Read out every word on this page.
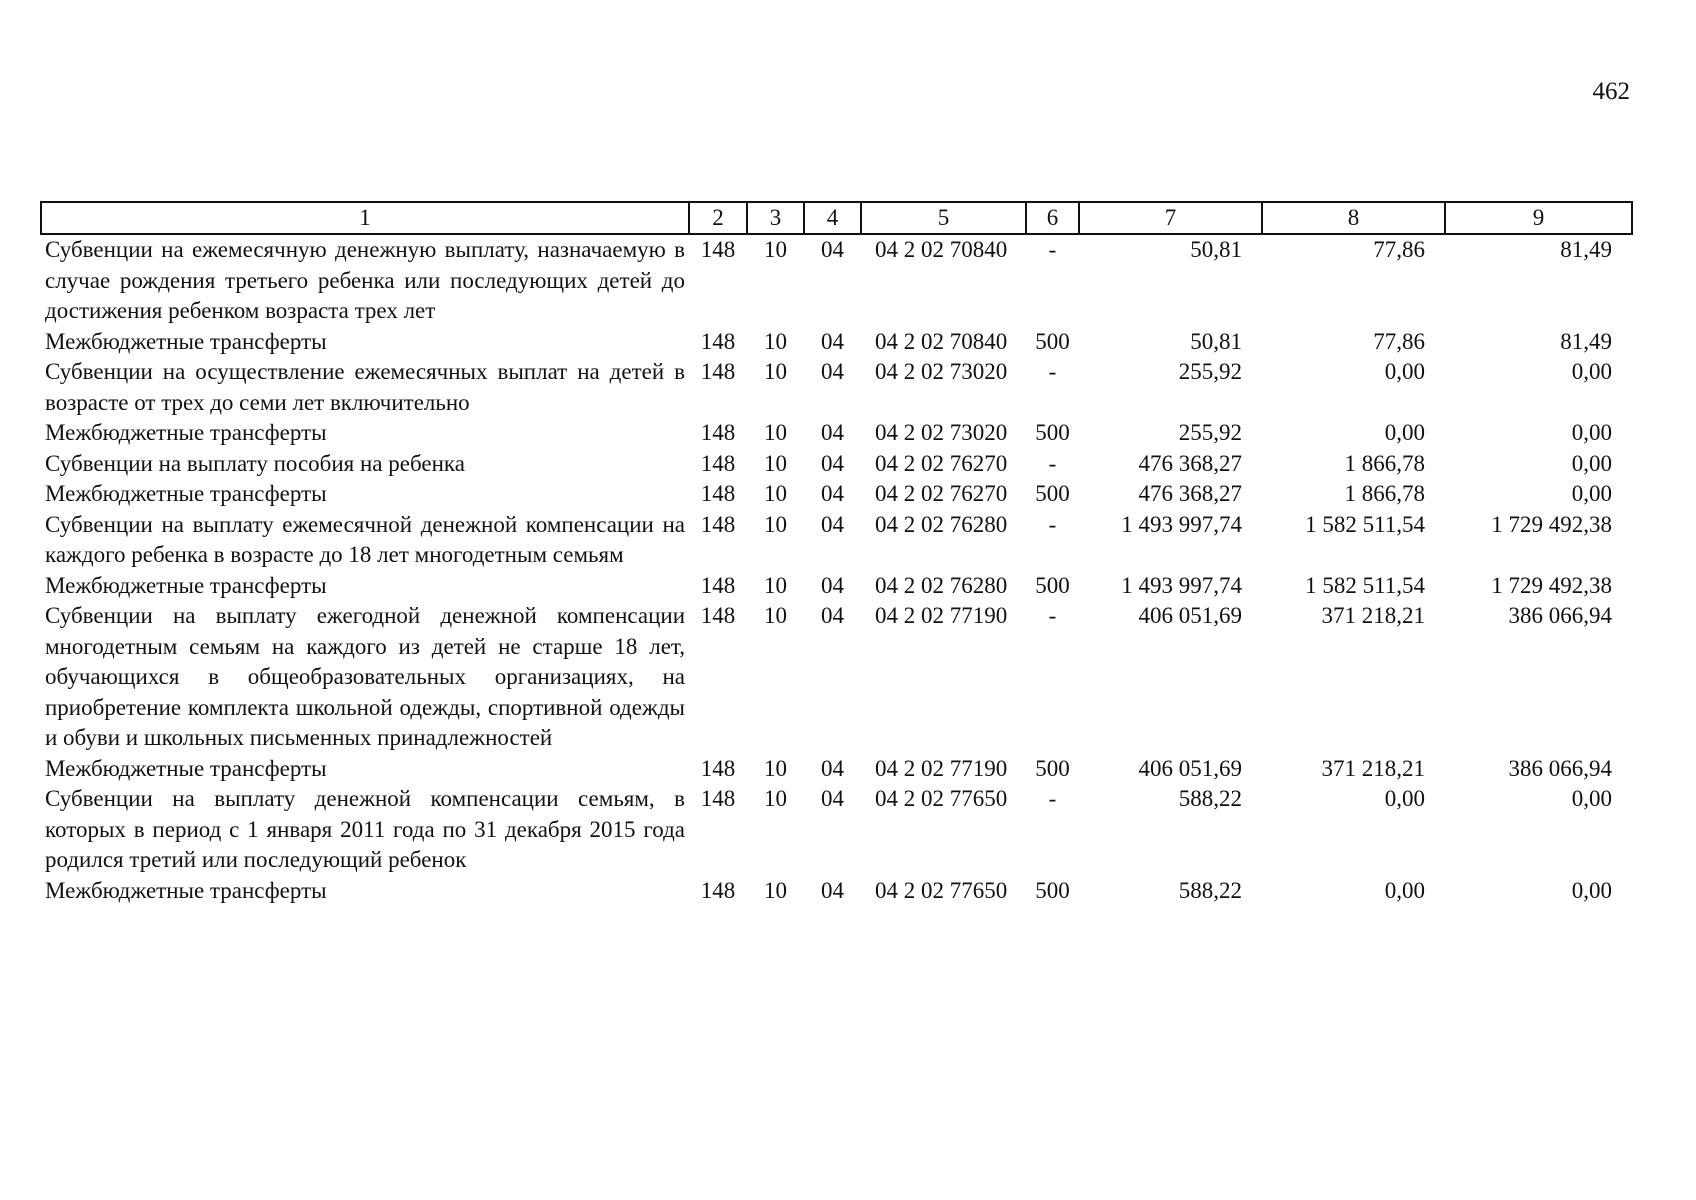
462
1	2	3	4	5	6	7	8	9
Субвенции на ежемесячную денежную выплату, назначаемую в случае рождения третьего ребенка или последующих детей до достижения ребенком возраста трех лет	148	10	04	04 2 02 70840	-	50,81	77,86	81,49
Межбюджетные трансферты	148	10	04	04 2 02 70840	500	50,81	77,86	81,49
Субвенции на осуществление ежемесячных выплат на детей в возрасте от трех до семи лет включительно	148	10	04	04 2 02 73020	-	255,92	0,00	0,00
Межбюджетные трансферты	148	10	04	04 2 02 73020	500	255,92	0,00	0,00
Субвенции на выплату пособия на ребенка	148	10	04	04 2 02 76270	-	476 368,27	1 866,78	0,00
Межбюджетные трансферты	148	10	04	04 2 02 76270	500	476 368,27	1 866,78	0,00
Субвенции на выплату ежемесячной денежной компенсации на каждого ребенка в возрасте до 18 лет многодетным семьям	148	10	04	04 2 02 76280	-	1 493 997,74	1 582 511,54	1 729 492,38
Межбюджетные трансферты	148	10	04	04 2 02 76280	500	1 493 997,74	1 582 511,54	1 729 492,38
Субвенции на выплату ежегодной денежной компенсации многодетным семьям на каждого из детей не старше 18 лет, обучающихся в общеобразовательных организациях, на приобретение комплекта школьной одежды, спортивной одежды и обуви и школьных письменных принадлежностей	148	10	04	04 2 02 77190	-	406 051,69	371 218,21	386 066,94
Межбюджетные трансферты	148	10	04	04 2 02 77190	500	406 051,69	371 218,21	386 066,94
Субвенции на выплату денежной компенсации семьям, в которых в период с 1 января 2011 года по 31 декабря 2015 года родился третий или последующий ребенок	148	10	04	04 2 02 77650	-	588,22	0,00	0,00
Межбюджетные трансферты	148	10	04	04 2 02 77650	500	588,22	0,00	0,00
